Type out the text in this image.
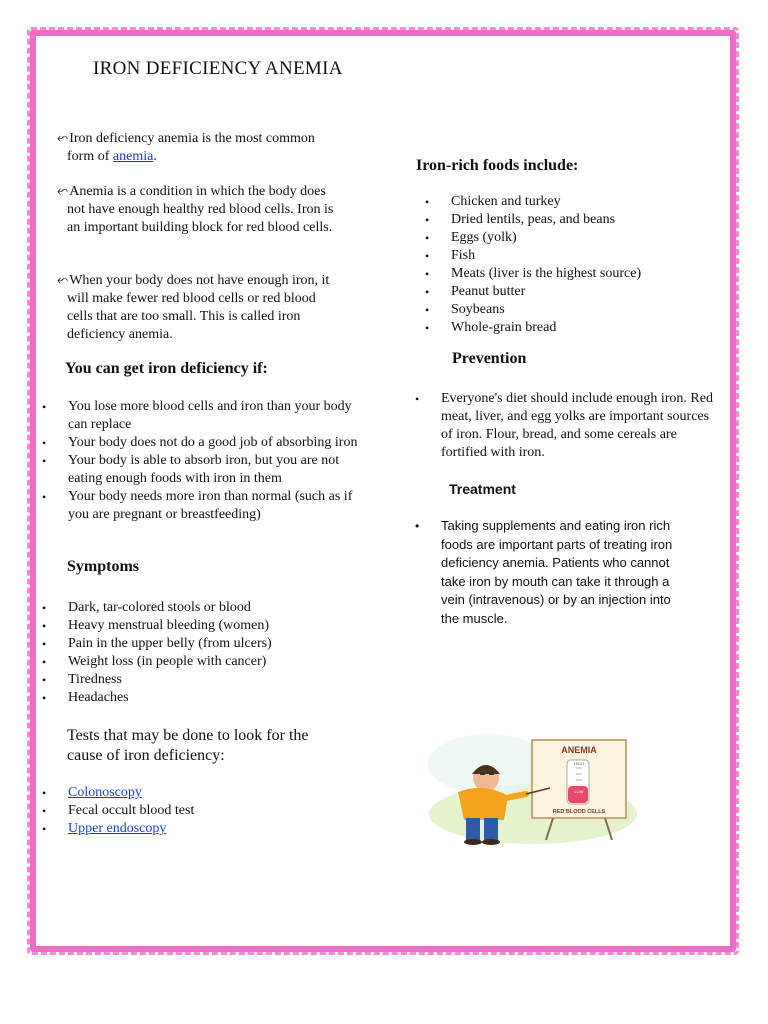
IRON DEFICIENCY ANEMIA
⬿Iron deficiency anemia is the most common
form of anemia.
⬿Anemia is a condition in which the body does
not have enough healthy red blood cells. Iron is
an important building block for red blood cells.
⬿When your body does not have enough iron, it
will make fewer red blood cells or red blood
cells that are too small. This is called iron
deficiency anemia.
You can get iron deficiency if:
• You lose more blood cells and iron than your body can replace
• Your body does not do a good job of absorbing iron
• Your body is able to absorb iron, but you are not eating enough foods with iron in them
• Your body needs more iron than normal (such as if you are pregnant or breastfeeding)
Symptoms
• Dark, tar-colored stools or blood
• Heavy menstrual bleeding (women)
• Pain in the upper belly (from ulcers)
• Weight loss (in people with cancer)
• Tiredness
• Headaches
Tests that may be done to look for the
cause of iron deficiency:
• Colonoscopy
• Fecal occult blood test
• Upper endoscopy
Iron-rich foods include:
• Chicken and turkey
• Dried lentils, peas, and beans
• Eggs (yolk)
• Fish
• Meats (liver is the highest source)
• Peanut butter
• Soybeans
• Whole-grain bread
Prevention
• Everyone's diet should include enough iron. Red meat, liver, and egg yolks are important sources of iron. Flour, bread, and some cereals are fortified with iron.
Treatment
• Taking supplements and eating iron rich foods are important parts of treating iron deficiency anemia. Patients who cannot take iron by mouth can take it through a vein (intravenous) or by an injection into the muscle.
ANEMIA
HIGH
LOW
RED BLOOD CELLS
